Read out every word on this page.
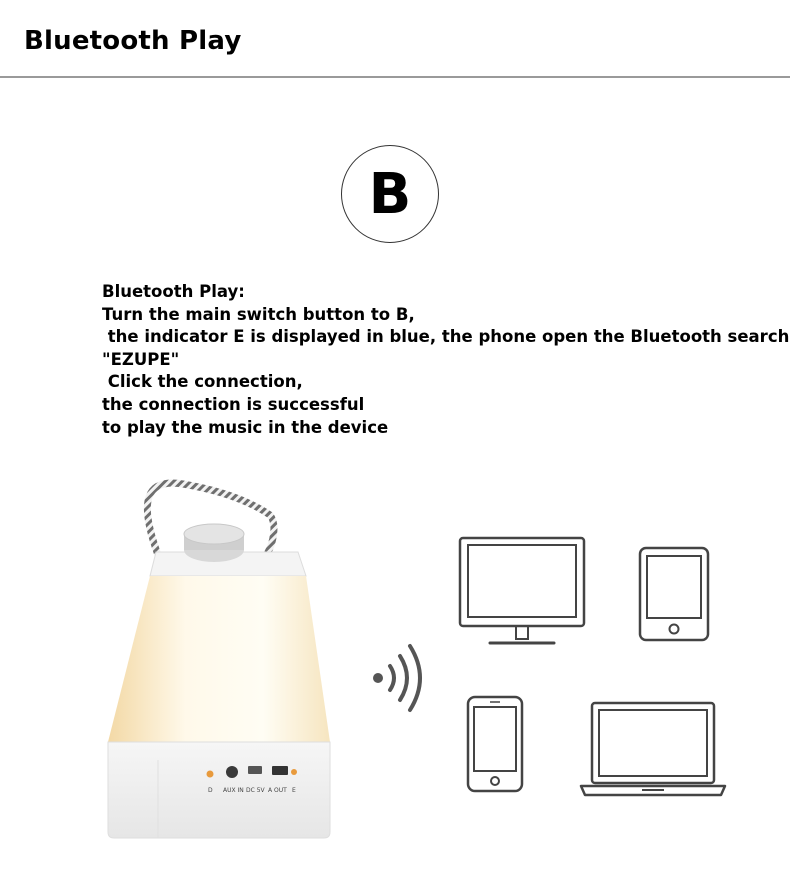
Bluetooth Play
B
Bluetooth Play:
Turn the main switch button to B,
the indicator E is displayed in blue, the phone open the Bluetooth search
"EZUPE"
Click the connection,
the connection is successful
to play the music in the device
D AUX IN DC 5V A OUT E
